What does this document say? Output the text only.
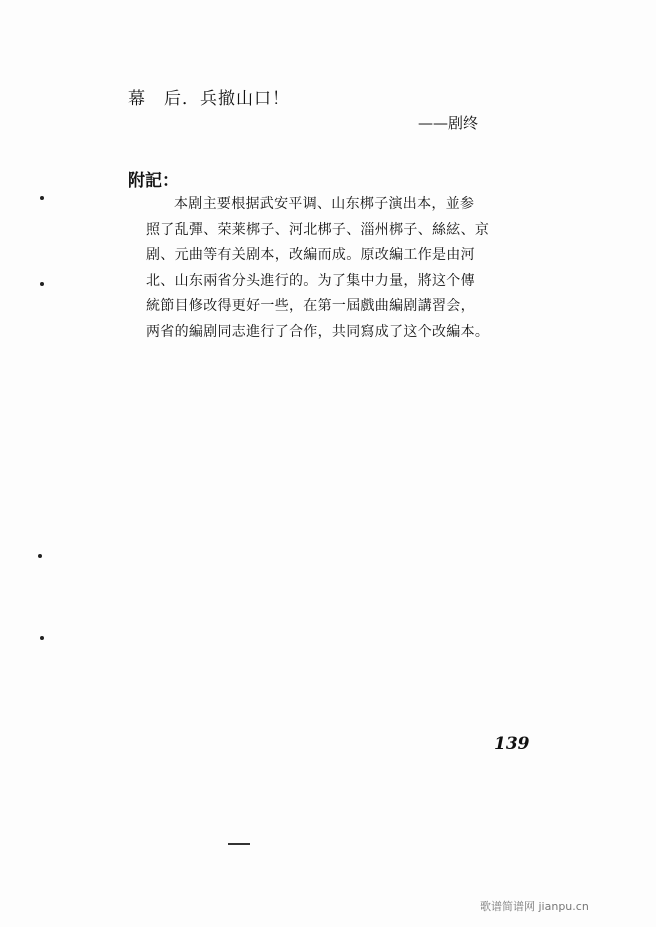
幕 后．兵撤山口！
——剧终
附記：

本剧主要根据武安平调、山东梆子演出本，並参

照了乱彈、荣莱梆子、河北梆子、淄州梆子、絲絃、京

剧、元曲等有关剧本，改編而成。原改編工作是由河

北、山东兩省分头進行的。为了集中力量，將这个傳

統節目修改得更好一些，在第一屆戲曲編剧講習会，

两省的編剧同志進行了合作，共同寫成了这个改編本。

139
歌谱简谱网 jianpu.cn
